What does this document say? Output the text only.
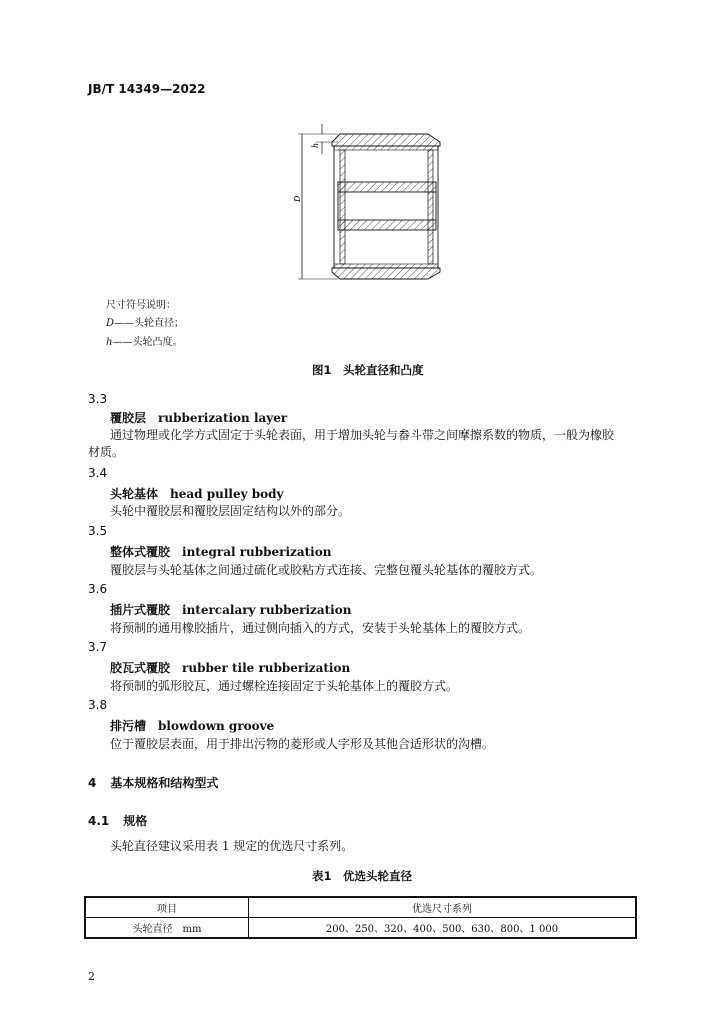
JB/T 14349—2022
h
D
尺寸符号说明：
D——头轮直径；
h——头轮凸度。
图1　头轮直径和凸度
3.3
覆胶层 rubberization layer
通过物理或化学方式固定于头轮表面，用于增加头轮与畚斗带之间摩擦系数的物质，一般为橡胶
材质。
3.4
头轮基体 head pulley body
头轮中覆胶层和覆胶层固定结构以外的部分。
3.5
整体式覆胶 integral rubberization
覆胶层与头轮基体之间通过硫化或胶粘方式连接、完整包覆头轮基体的覆胶方式。
3.6
插片式覆胶 intercalary rubberization
将预制的通用橡胶插片，通过侧向插入的方式，安装于头轮基体上的覆胶方式。
3.7
胶瓦式覆胶 rubber tile rubberization
将预制的弧形胶瓦，通过螺栓连接固定于头轮基体上的覆胶方式。
3.8
排污槽 blowdown groove
位于覆胶层表面，用于排出污物的菱形或人字形及其他合适形状的沟槽。
4 基本规格和结构型式
4.1 规格
头轮直径建议采用表 1 规定的优选尺寸系列。
表1　优选头轮直径
项目	优选尺寸系列
头轮直径　mm	200、250、320、400、500、630、800、1 000
2
